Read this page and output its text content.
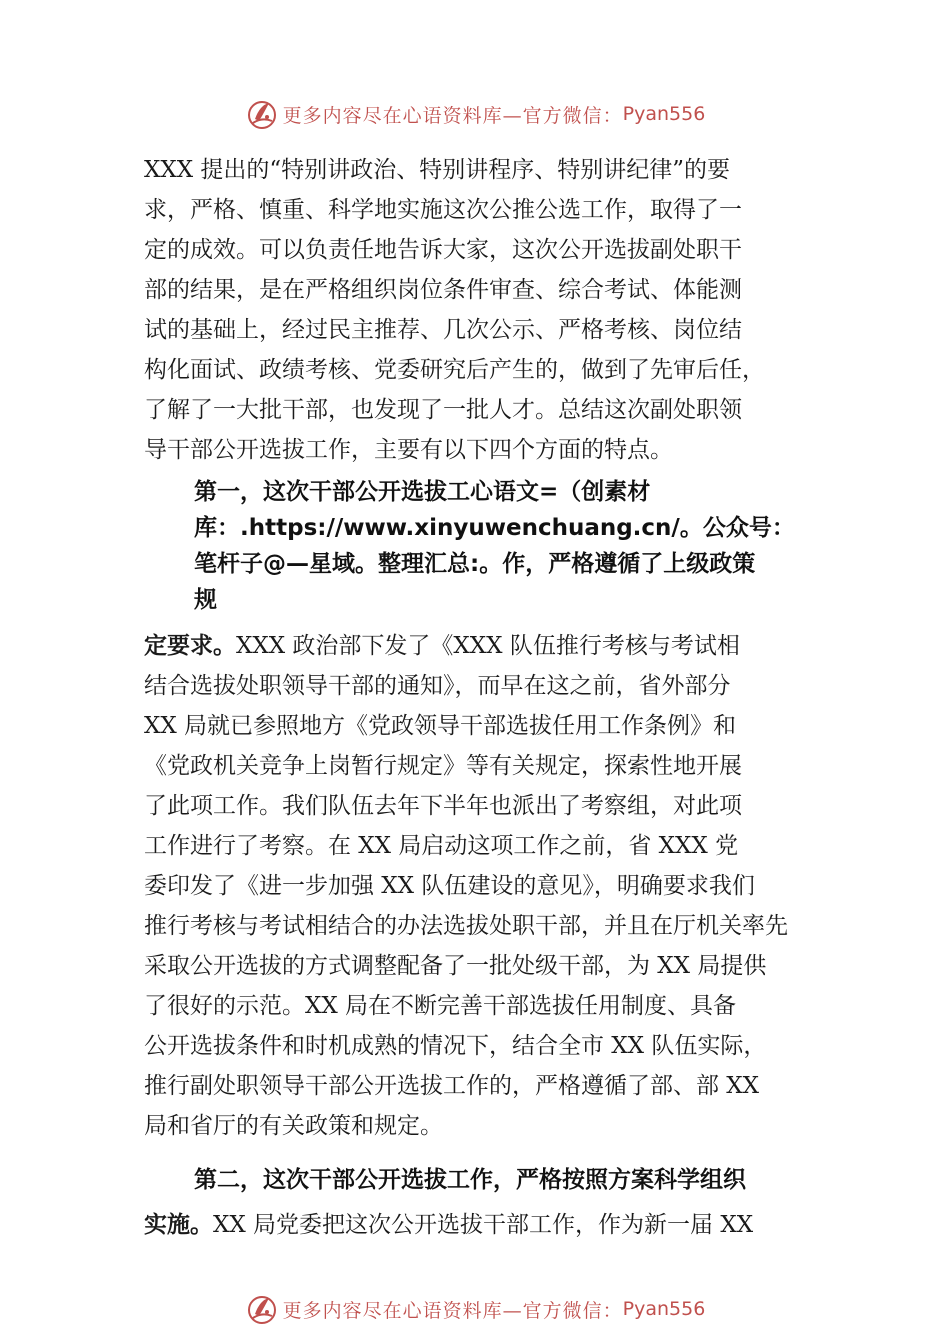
更多内容尽在心语资料库—官方微信： Pyan556
XXX 提出的“特别讲政治、特别讲程序、特别讲纪律”的要
求，严格、慎重、科学地实施这次公推公选工作，取得了一
定的成效。可以负责任地告诉大家，这次公开选拔副处职干
部的结果，是在严格组织岗位条件审查、综合考试、体能测
试的基础上，经过民主推荐、几次公示、严格考核、岗位结
构化面试、政绩考核、党委研究后产生的，做到了先审后任，
了解了一大批干部，也发现了一批人才。总结这次副处职领
导干部公开选拔工作，主要有以下四个方面的特点。
第一，这次干部公开选拔工心语文=（创素材
库：.https://www.xinyuwenchuang.cn/。公众号：
笔杆子@—星域。整理汇总:。作，严格遵循了上级政策
规
定要求。XXX 政治部下发了《XXX 队伍推行考核与考试相
结合选拔处职领导干部的通知》，而早在这之前，省外部分
XX 局就已参照地方《党政领导干部选拔任用工作条例》和
《党政机关竞争上岗暂行规定》等有关规定，探索性地开展
了此项工作。我们队伍去年下半年也派出了考察组，对此项
工作进行了考察。在 XX 局启动这项工作之前，省 XXX 党
委印发了《进一步加强 XX 队伍建设的意见》，明确要求我们
推行考核与考试相结合的办法选拔处职干部，并且在厅机关率先
采取公开选拔的方式调整配备了一批处级干部，为 XX 局提供
了很好的示范。XX 局在不断完善干部选拔任用制度、具备
公开选拔条件和时机成熟的情况下，结合全市 XX 队伍实际，
推行副处职领导干部公开选拔工作的，严格遵循了部、部 XX
局和省厅的有关政策和规定。
第二，这次干部公开选拔工作，严格按照方案科学组织
实施。XX 局党委把这次公开选拔干部工作，作为新一届 XX
更多内容尽在心语资料库—官方微信： Pyan556
